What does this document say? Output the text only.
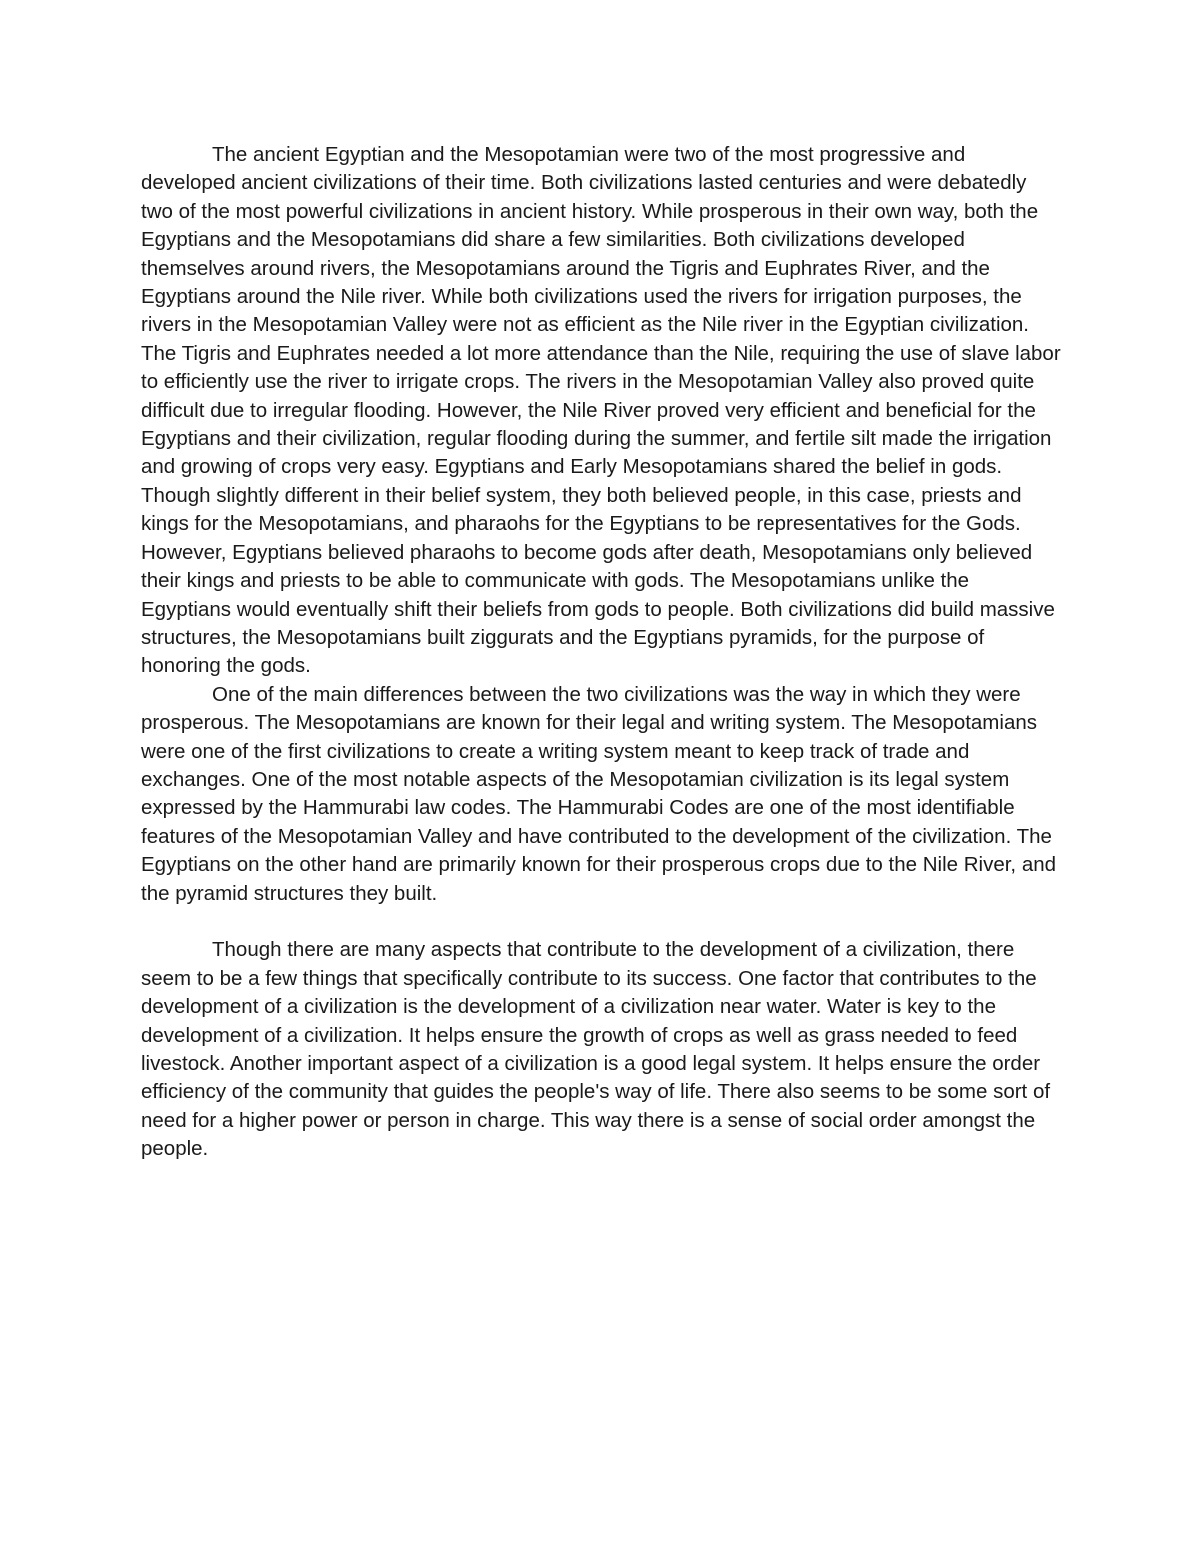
The ancient Egyptian and the Mesopotamian were two of the most progressive and developed ancient civilizations of their time. Both civilizations lasted centuries and were debatedly two of the most powerful civilizations in ancient history. While prosperous in their own way, both the Egyptians and the Mesopotamians did share a few similarities. Both civilizations developed themselves around rivers, the Mesopotamians around the Tigris and Euphrates River, and the Egyptians around the Nile river. While both civilizations used the rivers for irrigation purposes, the rivers in the Mesopotamian Valley were not as efficient as the Nile river in the Egyptian civilization. The Tigris and Euphrates needed a lot more attendance than the Nile, requiring the use of slave labor to efficiently use the river to irrigate crops. The rivers in the Mesopotamian Valley also proved quite difficult due to irregular flooding. However, the Nile River proved very efficient and beneficial for the Egyptians and their civilization, regular flooding during the summer, and fertile silt made the irrigation and growing of crops very easy. Egyptians and Early Mesopotamians shared the belief in gods. Though slightly different in their belief system, they both believed people, in this case, priests and kings for the Mesopotamians, and pharaohs for the Egyptians to be representatives for the Gods. However, Egyptians believed pharaohs to become gods after death, Mesopotamians only believed their kings and priests to be able to communicate with gods. The Mesopotamians unlike the Egyptians would eventually shift their beliefs from gods to people. Both civilizations did build massive structures, the Mesopotamians built ziggurats and the Egyptians pyramids, for the purpose of honoring the gods.

One of the main differences between the two civilizations was the way in which they were prosperous. The Mesopotamians are known for their legal and writing system. The Mesopotamians were one of the first civilizations to create a writing system meant to keep track of trade and exchanges. One of the most notable aspects of the Mesopotamian civilization is its legal system expressed by the Hammurabi law codes. The Hammurabi Codes are one of the most identifiable features of the Mesopotamian Valley and have contributed to the development of the civilization. The Egyptians on the other hand are primarily known for their prosperous crops due to the Nile River, and the pyramid structures they built.

Though there are many aspects that contribute to the development of a civilization, there seem to be a few things that specifically contribute to its success. One factor that contributes to the development of a civilization is the development of a civilization near water. Water is key to the development of a civilization. It helps ensure the growth of crops as well as grass needed to feed livestock. Another important aspect of a civilization is a good legal system. It helps ensure the order efficiency of the community that guides the people's way of life. There also seems to be some sort of need for a higher power or person in charge. This way there is a sense of social order amongst the people.
